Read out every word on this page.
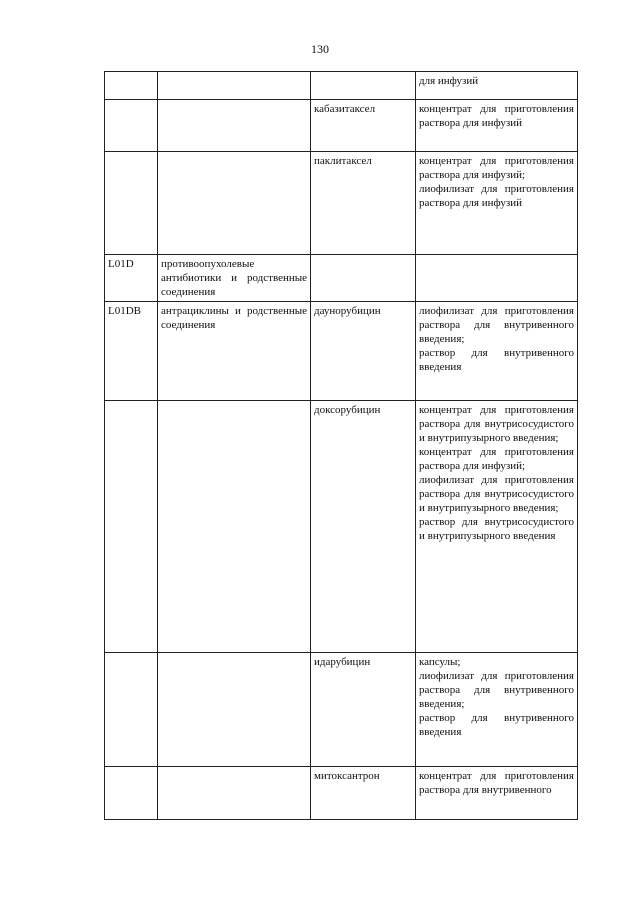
130

			для инфузий

		кабазитаксел	концентрат для приготовления раствора для инфузий

		паклитаксел	концентрат для приготовления раствора для инфузий;
лиофилизат для приготовления раствора для инфузий

L01D	противоопухолевые антибиотики и родственные соединения		
L01DB	антрациклины и родственные соединения	даунорубицин	лиофилизат для приготовления раствора для внутривенного введения;
раствор для внутривенного введения

		доксорубицин	концентрат для приготовления раствора для внутрисосудистого и внутрипузырного введения;
концентрат для приготовления раствора для инфузий;
лиофилизат для приготовления раствора для внутрисосудистого и внутрипузырного введения;
раствор для внутрисосудистого и внутрипузырного введения

		идарубицин	капсулы;
лиофилизат для приготовления раствора для внутривенного введения;
раствор для внутривенного введения

		митоксантрон	концентрат для приготовления раствора для внутривенного
